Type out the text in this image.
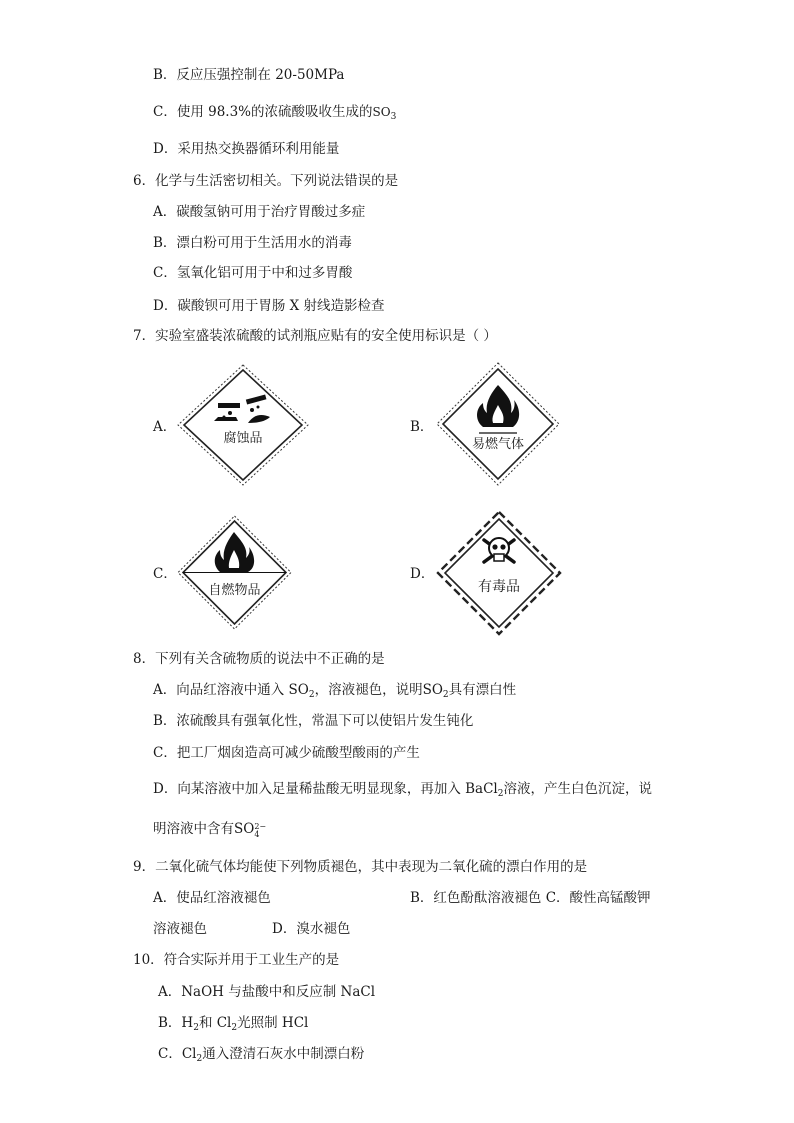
B．反应压强控制在 20-50MPa
C．使用 98.3%的浓硫酸吸收生成的$SO_3$
D．采用热交换器循环利用能量
6．化学与生活密切相关。下列说法错误的是
A．碳酸氢钠可用于治疗胃酸过多症
B．漂白粉可用于生活用水的消毒
C．氢氧化铝可用于中和过多胃酸
D．碳酸钡可用于胃肠 X 射线造影检查
7．实验室盛装浓硫酸的试剂瓶应贴有的安全使用标识是（ ）
A．
腐蚀品
B．
易燃气体
C．
自燃物品
D．
有毒品
8．下列有关含硫物质的说法中不正确的是
A．向品红溶液中通入 $SO_2$，溶液褪色，说明$SO_2$具有漂白性
B．浓硫酸具有强氧化性，常温下可以使铝片发生钝化
C．把工厂烟囱造高可减少硫酸型酸雨的产生
D．向某溶液中加入足量稀盐酸无明显现象，再加入 BaCl$_2$溶液，产生白色沉淀，说
明溶液中含有SO2−
4
9．二氧化硫气体均能使下列物质褪色，其中表现为二氧化硫的漂白作用的是
A．使品红溶液褪色	B．红色酚酞溶液褪色 C．酸性高锰酸钾
溶液褪色	D．溴水褪色
10．符合实际并用于工业生产的是
A．NaOH 与盐酸中和反应制 NaCl
B．$H_2$和 $Cl_2$光照制 HCl
C．$Cl_2$通入澄清石灰水中制漂白粉
